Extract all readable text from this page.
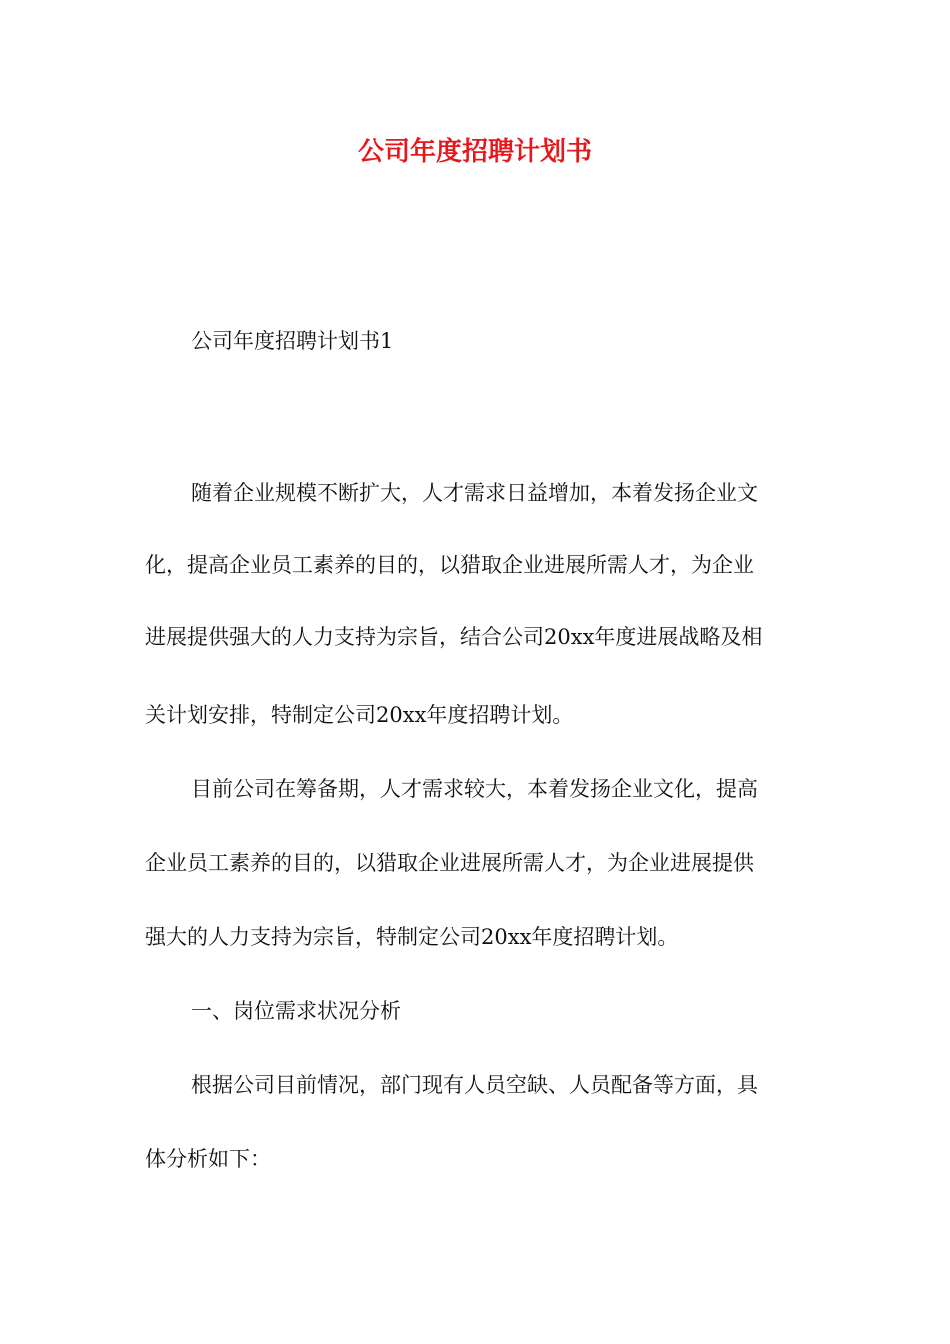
公司年度招聘计划书
公司年度招聘计划书1
随着企业规模不断扩大，人才需求日益增加，本着发扬企业文
化，提高企业员工素养的目的，以猎取企业进展所需人才，为企业
进展提供强大的人力支持为宗旨，结合公司20xx年度进展战略及相
关计划安排，特制定公司20xx年度招聘计划。
目前公司在筹备期，人才需求较大，本着发扬企业文化，提高
企业员工素养的目的，以猎取企业进展所需人才，为企业进展提供
强大的人力支持为宗旨，特制定公司20xx年度招聘计划。
一、岗位需求状况分析
根据公司目前情况，部门现有人员空缺、人员配备等方面，具
体分析如下：
